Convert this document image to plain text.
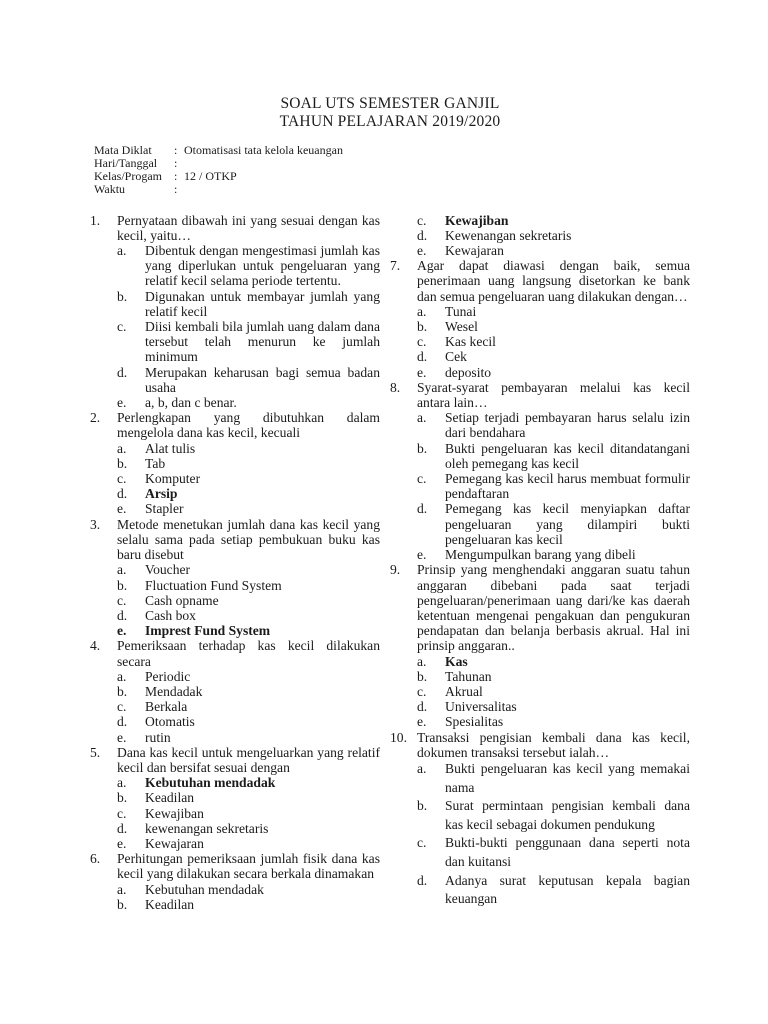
SOAL UTS SEMESTER GANJIL
TAHUN PELAJARAN 2019/2020
Mata Diklat	: Otomatisasi tata kelola keuangan
Hari/Tanggal	:
Kelas/Progam	: 12 / OTKP
Waktu	:
1.	Pernyataan dibawah ini yang sesuai dengan kas kecil, yaitu…
a.	Dibentuk dengan mengestimasi jumlah kas yang diperlukan untuk pengeluaran yang relatif kecil selama periode tertentu.
b.	Digunakan untuk membayar jumlah yang relatif kecil
c.	Diisi kembali bila jumlah uang dalam dana tersebut telah menurun ke jumlah minimum
d.	Merupakan keharusan bagi semua badan usaha
e.	a, b, dan c benar.
2.	Perlengkapan yang dibutuhkan dalam mengelola dana kas kecil, kecuali
a.	Alat tulis
b.	Tab
c.	Komputer
d.	Arsip
e.	Stapler
3.	Metode menetukan jumlah dana kas kecil yang selalu sama pada setiap pembukuan buku kas baru disebut
a.	Voucher
b.	Fluctuation Fund System
c.	Cash opname
d.	Cash box
e.	Imprest Fund System
4.	Pemeriksaan terhadap kas kecil dilakukan secara
a.	Periodic
b.	Mendadak
c.	Berkala
d.	Otomatis
e.	rutin
5.	Dana kas kecil untuk mengeluarkan yang relatif kecil dan bersifat sesuai dengan
a.	Kebutuhan mendadak
b.	Keadilan
c.	Kewajiban
d.	kewenangan sekretaris
e.	Kewajaran
6.	Perhitungan pemeriksaan jumlah fisik dana kas kecil yang dilakukan secara berkala dinamakan
a.	Kebutuhan mendadak
b.	Keadilan
c.	Kewajiban
d.	Kewenangan sekretaris
e.	Kewajaran
7.	Agar dapat diawasi dengan baik, semua penerimaan uang langsung disetorkan ke bank dan semua pengeluaran uang dilakukan dengan…
a.	Tunai
b.	Wesel
c.	Kas kecil
d.	Cek
e.	deposito
8.	Syarat-syarat pembayaran melalui kas kecil antara lain…
a.	Setiap terjadi pembayaran harus selalu izin dari bendahara
b.	Bukti pengeluaran kas kecil ditandatangani oleh pemegang kas kecil
c.	Pemegang kas kecil harus membuat formulir pendaftaran
d.	Pemegang kas kecil menyiapkan daftar pengeluaran yang dilampiri bukti pengeluaran kas kecil
e.	Mengumpulkan barang yang dibeli
9.	Prinsip yang menghendaki anggaran suatu tahun anggaran dibebani pada saat terjadi pengeluaran/penerimaan uang dari/ke kas daerah ketentuan mengenai pengakuan dan pengukuran pendapatan dan belanja berbasis akrual. Hal ini prinsip anggaran..
a.	Kas
b.	Tahunan
c.	Akrual
d.	Universalitas
e.	Spesialitas
10. Transaksi pengisian kembali dana kas kecil, dokumen transaksi tersebut ialah…
a.	Bukti pengeluaran kas kecil yang memakai nama
b.	Surat permintaan pengisian kembali dana kas kecil sebagai dokumen pendukung
c.	Bukti-bukti penggunaan dana seperti nota dan kuitansi
d.	Adanya surat keputusan kepala bagian keuangan
